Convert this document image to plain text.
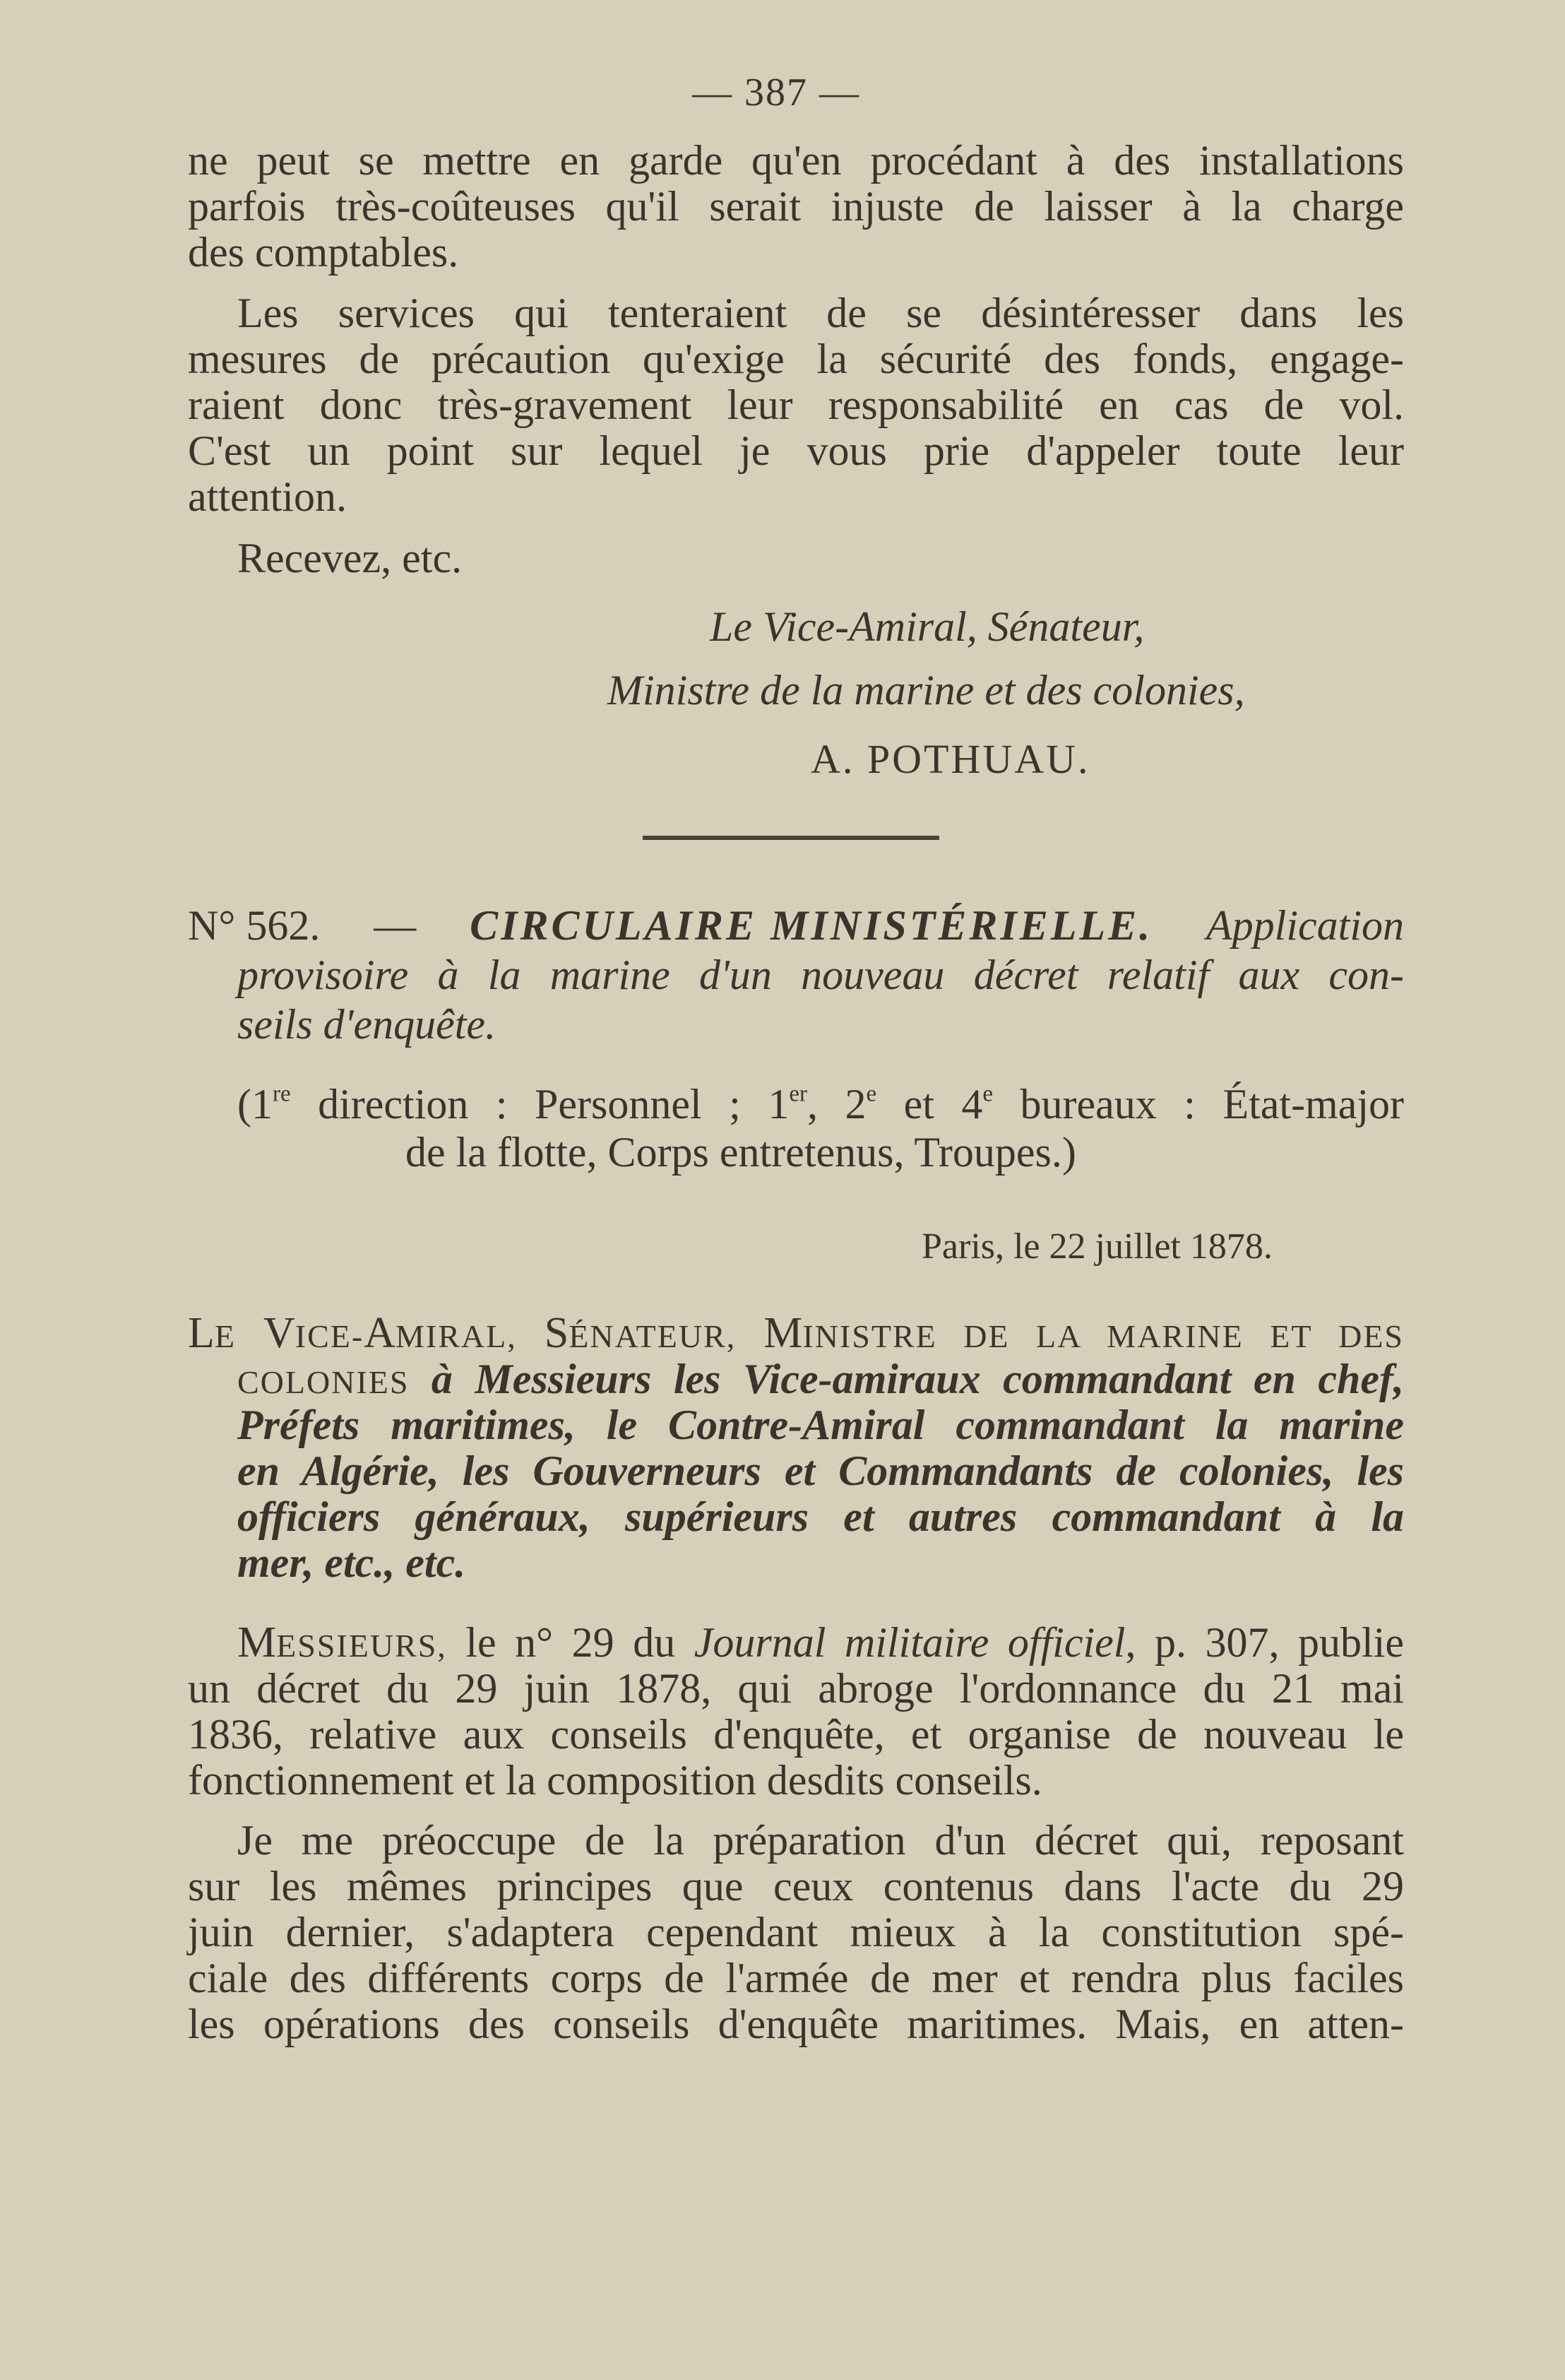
— 387 —
ne peut se mettre en garde qu'en procédant à des installations
parfois très-coûteuses qu'il serait injuste de laisser à la charge
des comptables.
Les services qui tenteraient de se désintéresser dans les
mesures de précaution qu'exige la sécurité des fonds, engage-
raient donc très-gravement leur responsabilité en cas de vol.
C'est un point sur lequel je vous prie d'appeler toute leur
attention.
Recevez, etc.
Le Vice-Amiral, Sénateur,
Ministre de la marine et des colonies,
A. POTHUAU.
N° 562. — CIRCULAIRE MINISTÉRIELLE. Application
provisoire à la marine d'un nouveau décret relatif aux con-
seils d'enquête.
(1re direction : Personnel ; 1er, 2e et 4e bureaux : État-major
de la flotte, Corps entretenus, Troupes.)
Paris, le 22 juillet 1878.
LE VICE-AMIRAL, SÉNATEUR, MINISTRE DE LA MARINE ET DES
COLONIES à Messieurs les Vice-amiraux commandant en chef,
Préfets maritimes, le Contre-Amiral commandant la marine
en Algérie, les Gouverneurs et Commandants de colonies, les
officiers généraux, supérieurs et autres commandant à la
mer, etc., etc.
MESSIEURS, le n° 29 du Journal militaire officiel, p. 307, publie
un décret du 29 juin 1878, qui abroge l'ordonnance du 21 mai
1836, relative aux conseils d'enquête, et organise de nouveau le
fonctionnement et la composition desdits conseils.
Je me préoccupe de la préparation d'un décret qui, reposant
sur les mêmes principes que ceux contenus dans l'acte du 29
juin dernier, s'adaptera cependant mieux à la constitution spé-
ciale des différents corps de l'armée de mer et rendra plus faciles
les opérations des conseils d'enquête maritimes. Mais, en atten-
